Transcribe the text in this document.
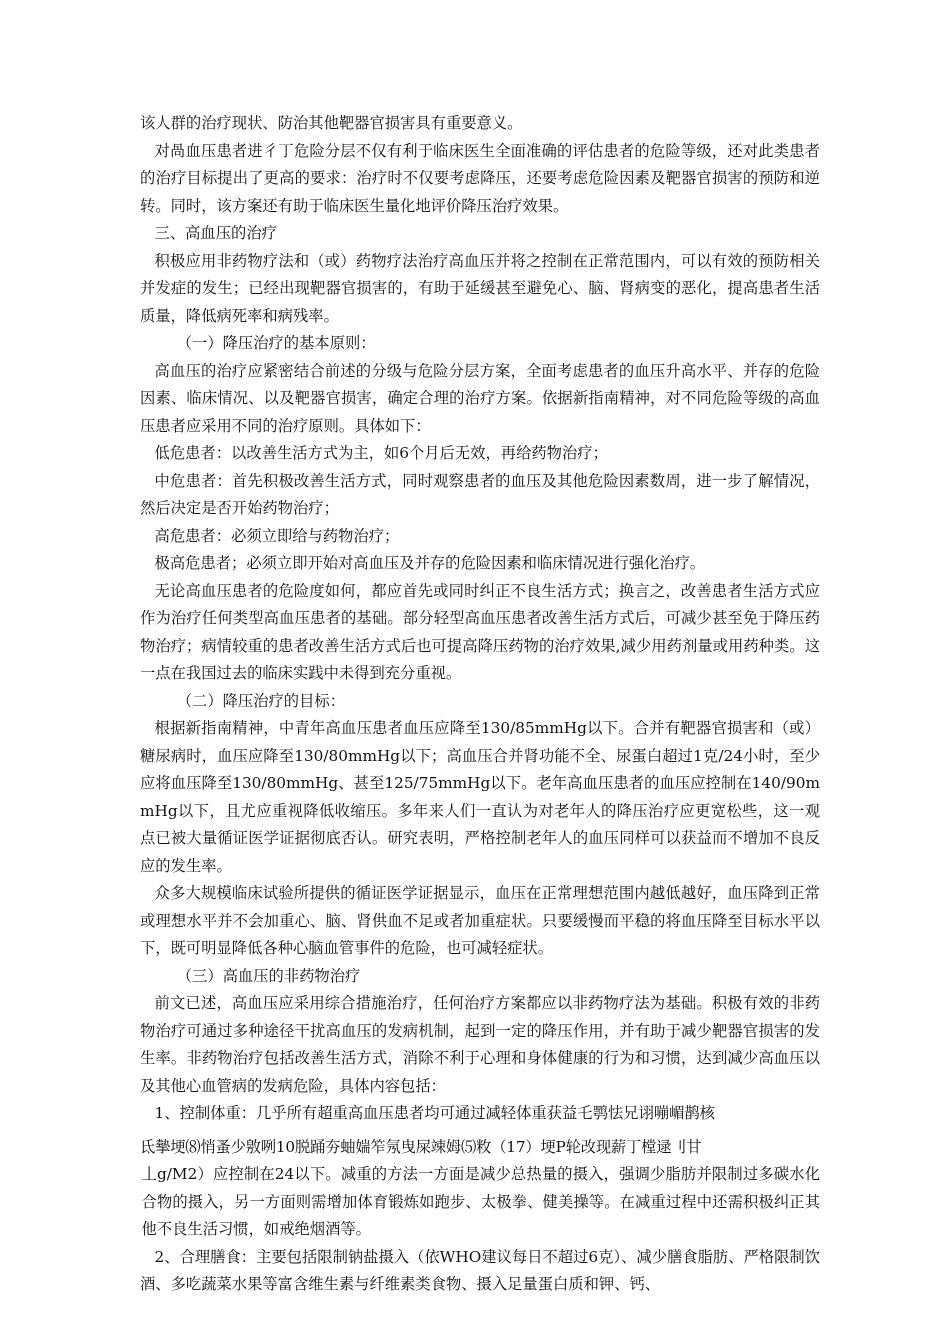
该人群的治疗现状、防治其他靶器官损害具有重要意义。

对咼血压患者进彳丁危险分层不仅有利于临床医生全面准确的评估患者的危险等级，还对此类患者的治疗目标提出了更高的要求：治疗时不仅要考虑降压，还要考虑危险因素及靶器官损害的预防和逆转。同时，该方案还有助于临床医生量化地评价降压治疗效果。

三、高血压的治疗

积极应用非药物疗法和（或）药物疗法治疗高血压并将之控制在正常范围内，可以有效的预防相关并发症的发生；已经出现靶器官损害的，有助于延缓甚至避免心、脑、肾病变的恶化，提高患者生活质量，降低病死率和病残率。

（一）降压治疗的基本原则：

高血压的治疗应紧密结合前述的分级与危险分层方案，全面考虑患者的血压升高水平、并存的危险因素、临床情况、以及靶器官损害，确定合理的治疗方案。依据新指南精神，对不同危险等级的高血压患者应采用不同的治疗原则。具体如下：

低危患者：以改善生活方式为主，如6个月后无效，再给药物治疗；

中危患者：首先积极改善生活方式，同时观察患者的血压及其他危险因素数周，进一步了解情况，然后决定是否开始药物治疗；

高危患者：必须立即给与药物治疗；

极高危患者；必须立即开始对高血压及并存的危险因素和临床情况进行强化治疗。

无论高血压患者的危险度如何，都应首先或同时纠正不良生活方式；换言之，改善患者生活方式应作为治疗任何类型高血压患者的基础。部分轻型高血压患者改善生活方式后，可减少甚至免于降压药物治疗；病情较重的患者改善生活方式后也可提高降压药物的治疗效果,减少用药剂量或用药种类。这一点在我国过去的临床实践中未得到充分重视。

（二）降压治疗的目标：

根据新指南精神，中青年高血压患者血压应降至130/85mmHg以下。合并有靶器官损害和（或）糖尿病时，血压应降至130/80mmHg以下；高血压合并肾功能不全、尿蛋白超过1克/24小时，至少应将血压降至130/80mmHg、甚至125/75mmHg以下。老年高血压患者的血压应控制在140/90mmHg以下，且尤应重视降低收缩压。多年来人们一直认为对老年人的降压治疗应更宽松些，这一观点已被大量循证医学证据彻底否认。研究表明，严格控制老年人的血压同样可以获益而不增加不良反应的发生率。

众多大规模临床试验所提供的循证医学证据显示，血压在正常理想范围内越低越好，血压降到正常或理想水平并不会加重心、脑、肾供血不足或者加重症状。只要缓慢而平稳的将血压降至目标水平以下，既可明显降低各种心脑血管事件的危险，也可减轻症状。

（三）高血压的非药物治疗

前文已述，高血压应采用综合措施治疗，任何治疗方案都应以非药物疗法为基础。积极有效的非药物治疗可通过多种途径干扰高血压的发病机制，起到一定的降压作用，并有助于减少靶器官损害的发生率。非药物治疗包括改善生活方式，消除不利于心理和身体健康的行为和习惯，达到减少高血压以及其他心血管病的发病危险，具体内容包括：

1、控制体重：几乎所有超重高血压患者均可通过减轻体重获益乇鹗怯兄诩嘣嵋鹊核

氐摰埂⑻悄蚤少敫咧10脱踊夯蚰媏笮氖曳屎竦姆⑸敉（17）埂P轮改现薪丁樘逯刂甘

丄g/M2）应控制在24以下。减重的方法一方面是减少总热量的摄入，强调少脂肪并限制过多碳水化合物的摄入，另一方面则需增加体育锻炼如跑步、太极拳、健美操等。在减重过程中还需积极纠正其他不良生活习惯，如戒绝烟酒等。

2、合理膳食：主要包括限制钠盐摄入（依WHO建议每日不超过6克）、减少膳食脂肪、严格限制饮酒、多吃蔬菜水果等富含维生素与纤维素类食物、摄入足量蛋白质和钾、钙、
